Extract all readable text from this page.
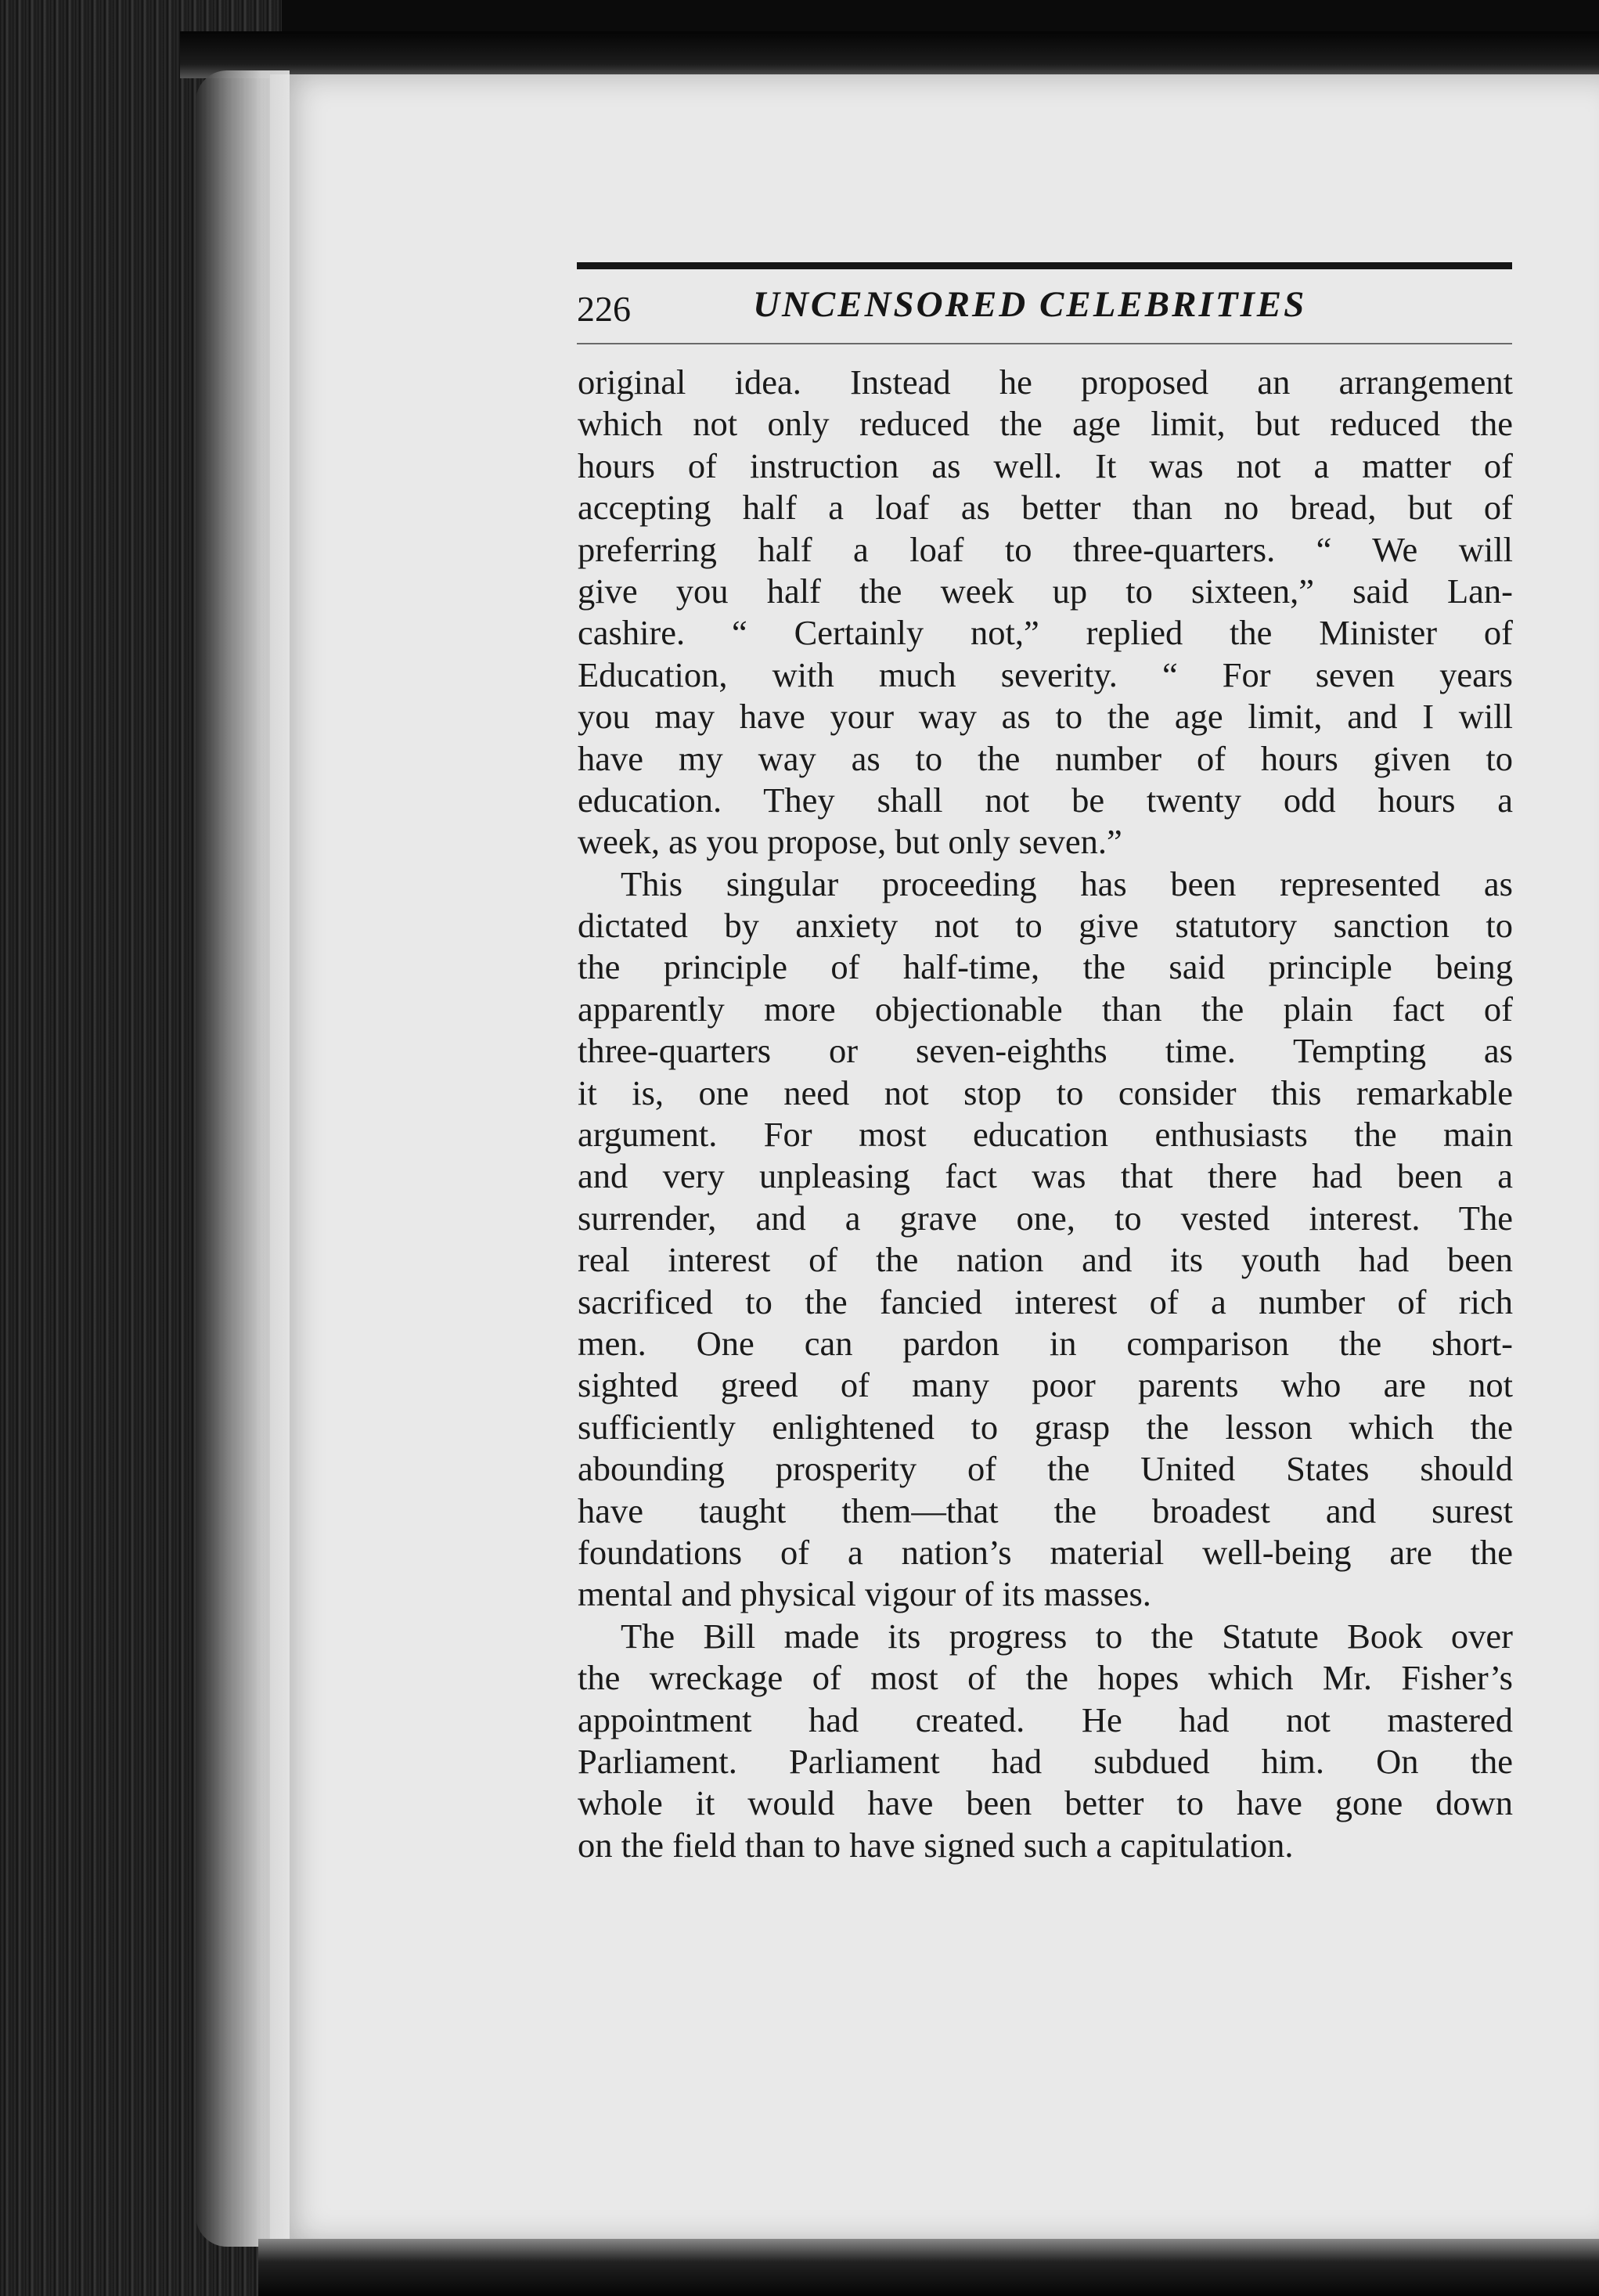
226	UNCENSORED CELEBRITIES

original idea. Instead he proposed an arrangement
which not only reduced the age limit, but reduced the
hours of instruction as well. It was not a matter of
accepting half a loaf as better than no bread, but of
preferring half a loaf to three-quarters. “ We will
give you half the week up to sixteen,” said Lan-
cashire. “ Certainly not,” replied the Minister of
Education, with much severity. “ For seven years
you may have your way as to the age limit, and I will
have my way as to the number of hours given to
education. They shall not be twenty odd hours a
week, as you propose, but only seven.”

This singular proceeding has been represented as
dictated by anxiety not to give statutory sanction to
the principle of half-time, the said principle being
apparently more objectionable than the plain fact of
three-quarters or seven-eighths time. Tempting as
it is, one need not stop to consider this remarkable
argument. For most education enthusiasts the main
and very unpleasing fact was that there had been a
surrender, and a grave one, to vested interest. The
real interest of the nation and its youth had been
sacrificed to the fancied interest of a number of rich
men. One can pardon in comparison the short-
sighted greed of many poor parents who are not
sufficiently enlightened to grasp the lesson which the
abounding prosperity of the United States should
have taught them—that the broadest and surest
foundations of a nation’s material well-being are the
mental and physical vigour of its masses.

The Bill made its progress to the Statute Book over
the wreckage of most of the hopes which Mr. Fisher’s
appointment had created. He had not mastered
Parliament. Parliament had subdued him. On the
whole it would have been better to have gone down
on the field than to have signed such a capitulation.
